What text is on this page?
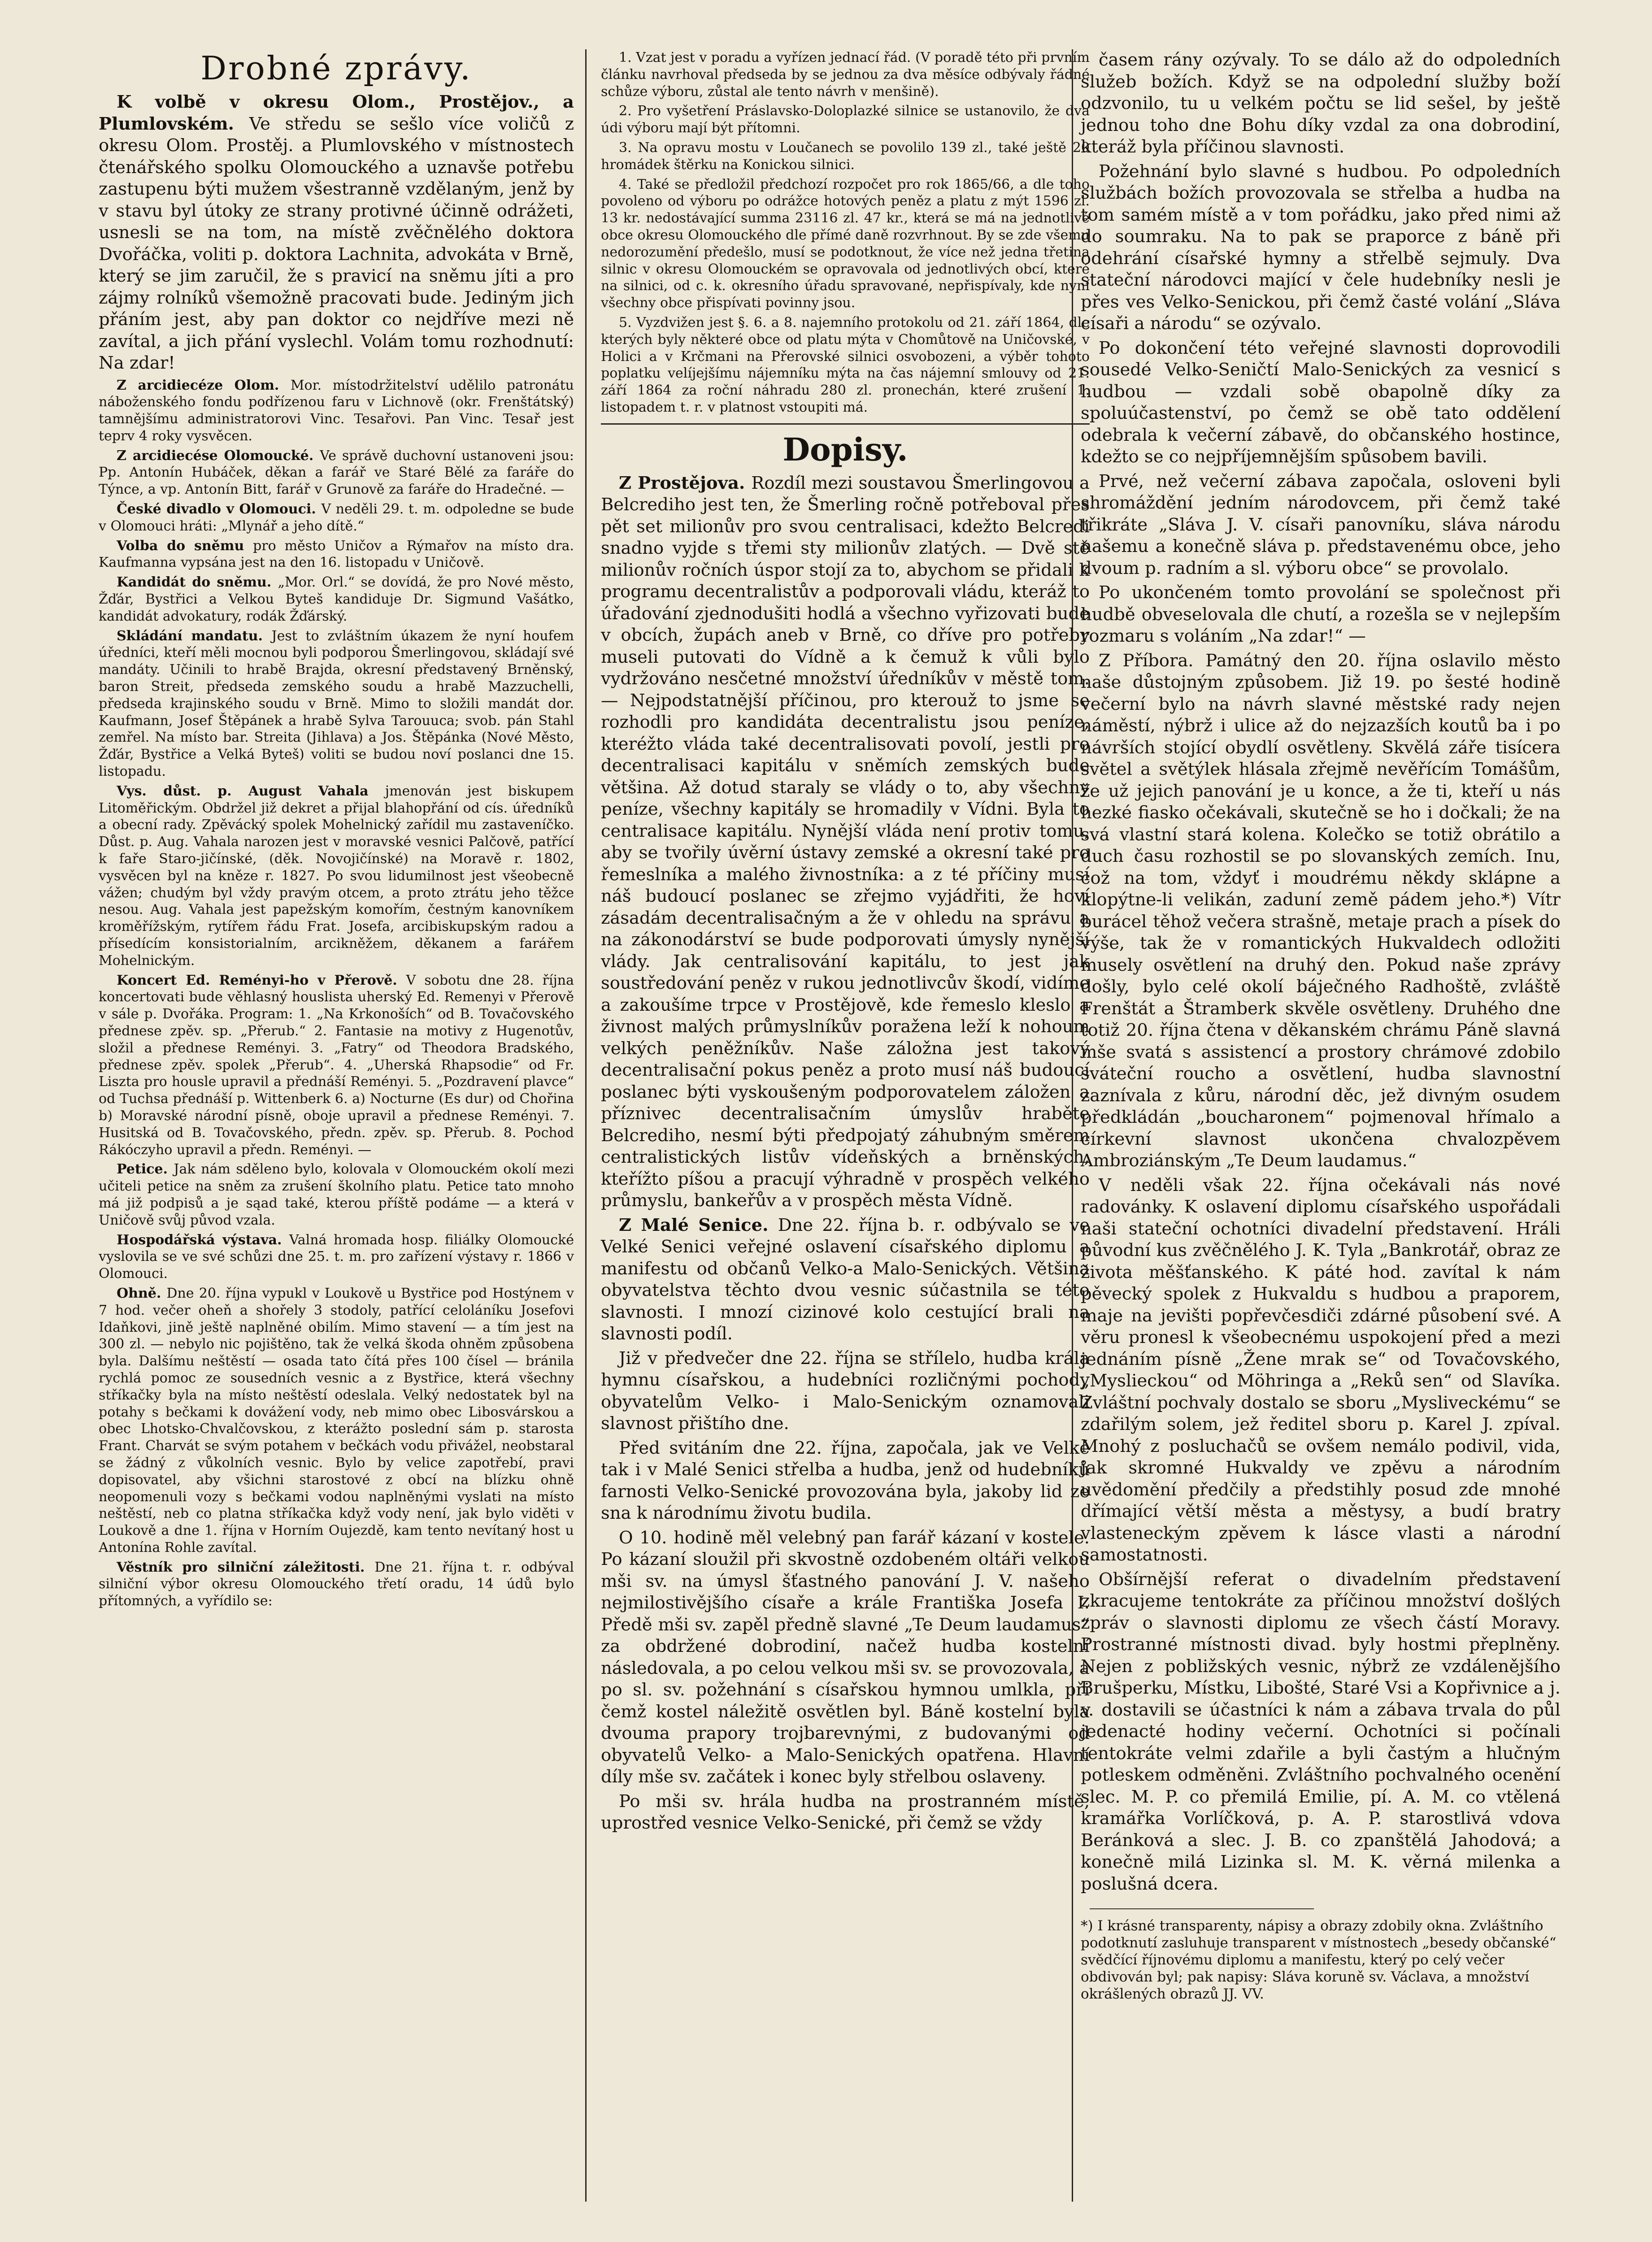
Drobné zprávy.

K volbě v okresu Olom., Prostějov., a Plumlovském. Ve středu se sešlo více voličů z okresu Olom. Prostěj. a Plumlovského v místnostech čtenářského spolku Olomouckého a uznavše potřebu zastupenu býti mužem všestranně vzdělaným, jenž by v stavu byl útoky ze strany protivné účinně odrážeti, usnesli se na tom, na místě zvěčnělého doktora Dvořáčka, voliti p. doktora Lachnita, advokáta v Brně, který se jim zaručil, že s pravicí na sněmu jíti a pro zájmy rolníků všemožně pracovati bude. Jediným jich přáním jest, aby pan doktor co nejdříve mezi ně zavítal, a jich přání vyslechl. Volám tomu rozhodnutí: Na zdar!

Z arcidiecéze Olom. Mor. místodržitelství udělilo patronátu nábožensk​ého fondu podřízenou faru v Lichnově (okr. Frenštátský) tamnějšímu administratorovi Vinc. Tesařovi. Pan Vinc. Tesař jest teprv 4 roky vysvěcen.

Z arcidiecése Olomoucké. Ve správě duchovní ustanoveni jsou: Pp. Antonín Hubáček, děkan a farář ve Staré Bělé za faráře do Týnce, a vp. Antonín Bitt, farář v Grunově za faráře do Hradečné. —

České divadlo v Olomouci. V neděli 29. t. m. odpoledne se bude v Olomouci hráti: „Mlynář a jeho dítě.“

Volba do sněmu pro město Uničov a Rýmařov na místo dra. Kaufmanna vypsána jest na den 16. listopadu v Uničově.

Kandidát do sněmu. „Mor. Orl.“ se dovídá, že pro Nové město, Žďár, Bystřici a Velkou Byteš kandiduje Dr. Sigmund Vašátko, kandidát advokatury, rodák Žďárský.

Skládání mandatu. Jest to zvláštním úkazem že nyní houfem úředníci, kteří měli mocnou byli podporou Šmerlingovou, skládají své mandáty. Učinili to hrabě Brajda, okresní představený Brněnský, baron Streit, předseda zemského soudu a hrabě Mazzuchelli, předseda krajinského soudu v Brně. Mimo to složili mandát dor. Kaufmann, Josef Štěpánek a hrabě Sylva Tarouuca; svob. pán Stahl zemřel. Na místo bar. Streita (Jihlava) a Jos. Štěpánka (Nové Město, Žďár, Bystřice a Velká Byteš) voliti se budou noví poslanci dne 15. listopadu.

Vys. důst. p. August Vahala jmenován jest biskupem Litoměřickým. Obdržel již dekret a přijal blahopřání od cís. úředníků a obecní rady. Zpěvácký spolek Mohelnický zařídil mu zastaveníčko. Důst. p. Aug. Vahala narozen jest v moravské vesnici Palčově, patřící k faře Staro-jičínské, (děk. Novojičínské) na Moravě r. 1802, vysvěcen byl na kněze r. 1827. Po svou lidumilnost jest všeobecně vážen; chudým byl vždy pravým otcem, a proto ztrátu jeho těžce nesou. Aug. Vahala jest papežským komořím, čestným kanovníkem kroměřížským, rytířem řádu Frat. Josefa, arcibiskupským radou a přísedícím konsistorialním, arcikněžem, děkanem a farářem Mohelnickým.

Koncert Ed. Reményi-ho v Přerově. V sobotu dne 28. října koncertovati bude věhlasný houslista uherský Ed. Remenyi v Přerově v sále p. Dvořáka. Program: 1. „Na Krkonoších“ od B. Tovačovského přednese zpěv. sp. „Přerub.“ 2. Fantasie na motivy z Hugenotův, složil a přednese Reményi. 3. „Fatry“ od Theodora Bradského, přednese zpěv. spolek „Přerub“. 4. „Uherská Rhapsodie“ od Fr. Liszta pro housle upravil a přednáší Reményi. 5. „Pozdravení plavce“ od Tuchsa přednáší p. Wittenberk 6. a) Nocturne (Es dur) od Chořina b) Moravské národní písně, oboje upravil a přednese Reményi. 7. Husitská od B. Tovačovského, předn. zpěv. sp. Přerub. 8. Pochod Rákóczyho upravil a předn. Reményi. —

Petice. Jak nám sděleno bylo, kolovala v Olomouckém okolí mezi učiteli petice na sněm za zrušení školního platu. Petice tato mnoho má již podpisů a je sąad také, kterou příště podáme — a která v Uničově svůj původ vzala.

Hospodářská výstava. Valná hromada hosp. filiálky Olomoucké vyslovila se ve své schůzi dne 25. t. m. pro zařízení výstavy r. 1866 v Olomouci.

Ohně. Dne 20. října vypukl v Loukově u Bystřice pod Hostýnem v 7 hod. večer oheň a shořely 3 stodoly, patřící celoláníku Josefovi Idaňkovi, jině ještě naplněné obilím. Mimo stavení — a tím jest na 300 zl. — nebylo nic pojištěno, tak že velká škoda ohněm způsobena byla. Dalšímu neštěstí — osada tato čítá přes 100 čísel — bránila rychlá pomoc ze sousedních vesnic a z Bystřice, která všechny stříkačky byla na místo neštěstí odeslala. Velký nedostatek byl na potahy s bečkami k dovážení vody, neb mimo obec Libosvárskou a obec Lhotsko-Chvalčovskou, z kterážto poslední sám p. starosta Frant. Charvát se svým potahem v bečkách vodu přivážel, neobstaral se žádný z vůkolních vesnic. Bylo by velice zapotřebí, pravi dopisovatel, aby všichni starostové z obcí na blízku ohně neopomenuli vozy s bečkami vodou naplněnými vyslati na místo neštěstí, neb co platna stříkačka když vody není, jak bylo viděti v Loukově a dne 1. října v Horním Oujezdě, kam tento nevítaný host u Antonína Rohle zavítal.

Věstník pro silniční záležitosti. Dne 21. října t. r. odbýval silniční výbor okresu Olomouckého třetí oradu, 14 údů bylo přítomných, a vyřídilo se:

1. Vzat jest v poradu a vyřízen jednací řád. (V poradě této při prvním článku navrhoval předseda by se jednou za dva měsíce odbývaly řádné schůze výboru, zůstal ale tento návrh v menšině).

2. Pro vyšetření Práslavsko-Doloplazké silnice se ustanovilo, že dva údi výboru mají být přítomni.

3. Na opravu mostu v Loučanech se povolilo 139 zl., také ještě 20 hromádek štěrku na Konickou silnici.

4. Také se předložil předchozí rozpočet pro rok 1865/66, a dle toho povoleno od výboru po odrážce hotových peněz a platu z mýt 1596 zl. 13 kr. nedostávající summa 23116 zl. 47 kr., která se má na jednotlivé obce okresu Olomouckého dle přímé daně rozvrhnout. By se zde všemu nedorozumění předešlo, musí se podotknout, že více než jedna třetina silnic v okresu Olomouckém se opravovala od jednotlivých obcí, které na silnici, od c. k. okresního úřadu spravované, nepřispívaly, kde nyní všechny obce přispívati povinny jsou.

5. Vyzdvižen jest §. 6. a 8. najemního protokolu od 21. září 1864, dle kterých byly některé obce od platu mýta v Chomůtově na Uničovské, v Holici a v Krčmani na Přerovské silnici osvobozeni, a výběr tohoto poplatku velíjejšímu nájemníku mýta na čas nájemní smlouvy od 21. září 1864 za roční náhradu 280 zl. pronechán, které zrušení 1. listopadem t. r. v platnost vstoupiti má.

Dopisy.

Z Prostějova. Rozdíl mezi soustavou Šmerlingovou a Belcrediho jest ten, že Šmerling ročně potřeboval přes pět set milionův pro svou centralisaci, kdežto Belcredi snadno vyjde s třemi sty milionův zlatých. — Dvě stě milionův ročních úspor stojí za to, abychom se přidali k programu decentralistův a podporovali vládu, kteráž to úřadování zjednodušiti hodlá a všechno vyřizovati bude v obcích, župách aneb v Brně, co dříve pro potřeby museli putovati do Vídně a k čemuž k vůli bylo vydržováno nesčetné množství úředníkův v městě tom. — Nejpodstatnější příčinou, pro kterouž to jsme se rozhodli pro kandidáta decentralistu jsou peníze, kteréžto vláda také decentralisovati povolí, jestli pro decentralisaci kapitálu v sněmích zemských bude většina. Až dotud staraly se vlády o to, aby všechny peníze, všechny kapitály se hromadily v Vídni. Byla to centralisace kapitálu. Nynější vláda není protiv tomu, aby se tvořily úvěrní ústavy zemské a okresní také pro řemeslníka a malého živnostníka: a z té příčiny musí náš budoucí poslanec se zřejmo vyjádřiti, že hoví zásadám decentralisačným a že v ohledu na správu a na zákonodárství se bude podporovati úmysly nynější vlády. Jak centralisování kapitálu, to jest jak soustředování peněz v rukou jednotlivcův škodí, vidíme a zakoušíme trpce v Prostějově, kde řemeslo kleslo a živnost malých průmyslníkův poražena leží k nohoum velkých peněžníkův. Naše záložna jest takový decentralisační pokus peněz a proto musí náš budoucí poslanec býti vyskoušeným podporovatelem záložen a příznivec decentralisačním úmyslův hraběte Belcrediho, nesmí býti předpojatý záhubným směrem centralistických listův vídeňských a brněnských, kteřížto píšou a pracují výhradně v prospěch velkého průmyslu, bankeřův a v prospěch města Vídně.

Z Malé Senice. Dne 22. října b. r. odbývalo se ve Velké Senici veřejné oslavení císařského diplomu a manifestu od občanů Velko-a Malo-Senických. Většina obyvatelstva těchto dvou vesnic súčastnila se této slavnosti. I mnozí cizinové kolo cestující brali na slavnosti podíl.

Již v předvečer dne 22. října se střílelo, hudba krála hymnu císařskou, a hudebníci rozličnými pochody obyvatelům Velko- i Malo-Senickým oznamovali slavnost přištího dne.

Před svitáním dne 22. října, započala, jak ve Velké tak i v Malé Senici střelba a hudba, jenž od hudebníků farnosti Velko-Senické provozována byla, jakoby lid ze sna k národnímu životu budila.

O 10. hodině měl velebný pan farář kázaní v kostele. Po kázaní sloužil při skvostně ozdobeném oltáři velkou mši sv. na úmysl šťastného panování J. V. našeho nejmilostivějšího císaře a krále Františka Josefa I. Předě mši sv. zapěl předně slavné „Te Deum laudamus“ za obdržené dobrodiní, načež hudba kostelní následovala, a po celou velkou mši sv. se provozovala, a po sl. sv. požehnání s císařskou hymnou umlkla, při čemž kostel náležitě osvětlen byl. Báně kostelní byla dvouma prapory trojbarevnými, z budovanými od obyvatelů Velko- a Malo-Senických opatřena. Hlavní díly mše sv. začátek i konec byly střelbou oslaveny.

Po mši sv. hrála hudba na prostranném místě, uprostřed vesnice Velko-Senické, při čemž se vždy

časem rány ozývaly. To se dálo až do odpoledních služeb božích. Když se na odpolední služby boží odzvonilo, tu u velkém počtu se lid sešel, by ještě jednou toho dne Bohu díky vzdal za ona dobrodiní, kteráž byla příčinou slavnosti.

Požehnání bylo slavné s hudbou. Po odpoledních službách božích provozovala se střelba a hudba na tom samém místě a v tom pořádku, jako před nimi až do soumraku. Na to pak se praporce z báně při odehrání císařské hymny a střelbě sejmuly. Dva stateční národovci mající v čele hudebníky nesli je přes ves Velko-Senickou, při čemž časté volání „Sláva císaři a národu“ se ozývalo.

Po dokončení této veřejné slavnosti doprovodili sousedé Velko-Seničtí Malo-Senických za vesnicí s hudbou — vzdali sobě obapolně díky za spoluúčastenství, po čemž se obě tato oddělení odebrala k večerní zábavě, do občanského hostince, kdežto se co nejpříjemnějším spůsobem bavili.

Prvé, než večerní zábava započala, osloveni byli shromáždění jedním národovcem, při čemž také třikráte „Sláva J. V. císaři panovníku, sláva národu našemu a konečně sláva p. představenému obce, jeho dvoum p. radním a sl. výboru obce“ se provolalo.

Po ukončeném tomto provolání se společnost při hudbě obveselovala dle chutí, a rozešla se v nejlepším rozmaru s voláním „Na zdar!“ —

Z Příbora. Památný den 20. října oslavilo město naše důstojným způsobem. Již 19. po šesté hodině večerní bylo na návrh slavné městské rady nejen náměstí, nýbrž i ulice až do nejzazších koutů ba i po návrších stojící obydlí osvětleny. Skvělá záře tisícera světel a světýlek hlásala zřejmě nevěřícím Tomášům, že už jejich panování je u konce, a že ti, kteří u nás hezké fiasko očekávali, skutečně se ho i dočkali; že na svá vlastní stará kolena. Kolečko se totiž obrátilo a duch času rozhostil se po slovanských zemích. Inu, což na tom, vždyť i moudrému někdy sklápne a klopýtne-li velikán, zaduní země pádem jeho.*) Vítr burácel těhož večera strašně, metaje prach a písek do výše, tak že v romantických Hukvaldech odložiti musely osvětlení na druhý den. Pokud naše zprávy došly, bylo celé okolí báječného Radhoště, zvláště Frenštát a Štramberk skvěle osvětleny. Druhého dne totiž 20. října čtena v děkanském chrámu Páně slavná mše svatá s assistencí a prostory chrámové zdobilo sváteční roucho a osvětlení, hudba slavnostní zaznívala z kůru, národní děc, jež divným osudem předkládán „boucharonem“ pojmenoval hřímalo a církevní slavnost ukončena chvalozpěvem Ambroziánským „Te Deum laudamus.“

V neděli však 22. října očekávali nás nové radovánky. K oslavení diplomu císařského uspořádali naši stateční ochotníci divadelní představení. Hráli původní kus zvěčnělého J. K. Tyla „Bankrotář, obraz ze života měšťanského. K páté hod. zavítal k nám pěvecký spolek z Hukvaldu s hudbou a praporem, maje na jevišti popřevčesdiči zdárné působení své. A věru pronesl k všeobecnému uspokojení před a mezi jednáním písně „Žene mrak se“ od Tovačovského, „Myslieckou“ od Möhringa a „Reků sen“ od Slavíka. Zvláštní pochvaly dostalo se sboru „Mysliveckému“ se zdařilým solem, jež ředitel sboru p. Karel J. zpíval. Mnohý z posluchačů se ovšem nemálo podivil, vida, jak skromné Hukvaldy ve zpěvu a národním uvědomění předčily a předstihly posud zde mnohé dřímající větší města a městysy, a budí bratry vlasteneckým zpěvem k lásce vlasti a národní samostatnosti.

Obšírnější referat o divadelním představení zkracujeme tentokráte za příčinou množství došlých zpráv o slavnosti diplomu ze všech částí Moravy. Prostranné místnosti divad. byly hostmi přeplněny. Nejen z pobližských vesnic, nýbrž ze vzdálenějšího Brušperku, Místku, Libošté, Staré Vsi a Kopřivnice a j. v. dostavili se účastníci k nám a zábava trvala do půl jedenacté hodiny večerní. Ochotníci si počínali tentokráte velmi zdařile a byli častým a hlučným potleskem odměněni. Zvláštního pochvalného ocenění slec. M. P. co přemilá Emilie, pí. A. M. co vtělená kramářka Vorlíčková, p. A. P. starostlivá vdova Beránková a slec. J. B. co zpanštělá Jahodová; a konečně milá Lizinka sl. M. K. věrná milenka a poslušná dcera.

*) I krásné transparenty, nápisy a obrazy zdobily okna. Zvláštního podotknutí zasluhuje transparent v místnostech „besedy občanské“ svědčící říjnovému diplomu a manifestu, který po celý večer obdivován byl; pak napisy: Sláva koruně sv. Václava, a množství okrášlených obrazů JJ. VV.
